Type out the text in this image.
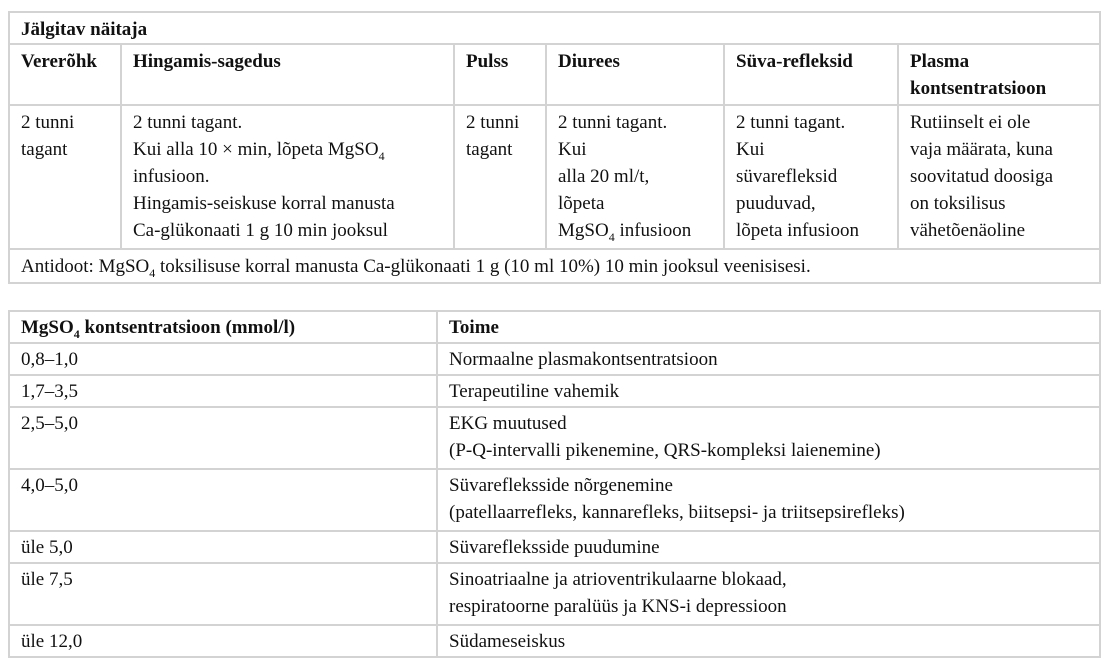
Jälgitav näitaja					
Vererõhk	Hingamis-sagedus	Pulss	Diurees	Süva-refleksid	Plasma
kontsentratsioon

2 tunni
tagant	2 tunni tagant.
Kui alla 10 × min, lõpeta MgSO$_4$
infusioon.
Hingamis-seiskuse korral manusta
Ca-glükonaati 1 g 10 min jooksul	2 tunni
tagant	2 tunni tagant.
Kui
alla 20 ml/t,
lõpeta
MgSO$_4$ infusioon	2 tunni tagant.
Kui
süvarefleksid
puuduvad,
lõpeta infusioon	Rutiinselt ei ole
vaja määrata, kuna
soovitatud doosiga
on toksilisus
vähetõenäoline

Antidoot: MgSO$_4$ toksilisuse korral manusta Ca-glükonaati 1 g (10 ml 10%) 10 min jooksul veenisisesi.					
MgSO$_4$ kontsentratsioon (mmol/l)	Toime
0,8–1,0	Normaalne plasmakontsentratsioon

1,7–3,5	Terapeutiline vahemik

2,5–5,0	EKG muutused
(P-Q-intervalli pikenemine, QRS-kompleksi laienemine)

4,0–5,0	Süvarefleksside nõrgenemine
(patellaarrefleks, kannarefleks, biitsepsi- ja triitsepsirefleks)

üle 5,0	Süvarefleksside puudumine

üle 7,5	Sinoatriaalne ja atrioventrikulaarne blokaad,
respiratoorne paralüüs ja KNS-i depressioon

üle 12,0	Südameseiskus
